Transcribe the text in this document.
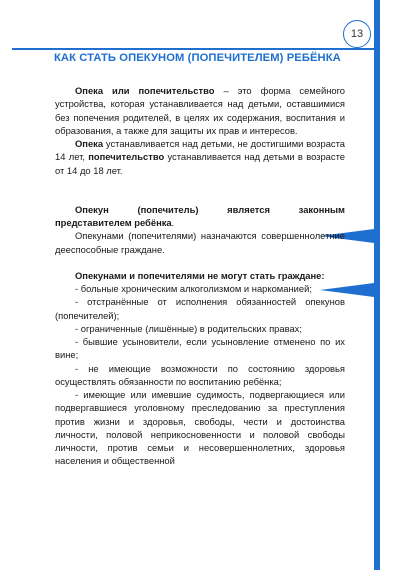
13
КАК СТАТЬ ОПЕКУНОМ (ПОПЕЧИТЕЛЕМ) РЕБЁНКА

Опека или попечительство – это форма семейного устройства, которая устанавливается над детьми, оставшимися без попечения родителей, в целях их содержания, воспитания и образования, а также для защиты их прав и интересов.

Опека устанавливается над детьми, не достигшими возраста 14 лет, попечительство устанавливается над детьми в возрасте от 14 до 18 лет.

Опекун (попечитель) является законным представителем ребёнка.

Опекунами (попечителями) назначаются совершеннолетние дееспособные граждане.

Опекунами и попечителями не могут стать граждане:

- больные хроническим алкоголизмом и наркоманией;

- отстранённые от исполнения обязанностей опекунов (попечителей);

- ограниченные (лишённые) в родительских правах;

- бывшие усыновители, если усыновление отменено по их вине;

- не имеющие возможности по состоянию здоровья осуществлять обязанности по воспитанию ребёнка;

- имеющие или имевшие судимость, подвергающиеся или подвергавшиеся уголовному преследованию за преступления против жизни и здоровья, свободы, чести и достоинства личности, половой неприкосновенности и половой свободы личности, против семьи и несовершеннолетних, здоровья населения и общественной
